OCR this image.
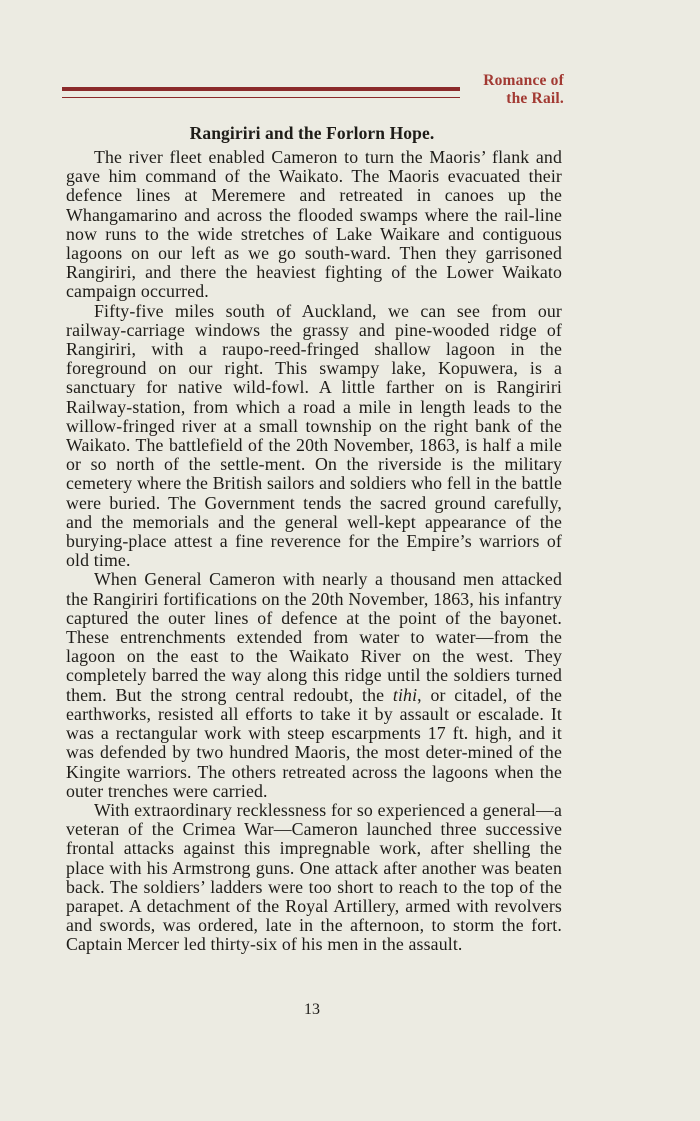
Romance of
the Rail.
Rangiriri and the Forlorn Hope.

The river fleet enabled Cameron to turn the Maoris’ flank and gave him command of the Waikato. The Maoris evacuated their defence lines at Meremere and retreated in canoes up the Whangamarino and across the flooded swamps where the rail-line now runs to the wide stretches of Lake Waikare and contiguous lagoons on our left as we go south-ward. Then they garrisoned Rangiriri, and there the heaviest fighting of the Lower Waikato campaign occurred.

Fifty-five miles south of Auckland, we can see from our railway-carriage windows the grassy and pine-wooded ridge of Rangiriri, with a raupo-reed-fringed shallow lagoon in the foreground on our right. This swampy lake, Kopuwera, is a sanctuary for native wild-fowl. A little farther on is Rangiriri Railway-station, from which a road a mile in length leads to the willow-fringed river at a small township on the right bank of the Waikato. The battlefield of the 20th November, 1863, is half a mile or so north of the settle-ment. On the riverside is the military cemetery where the British sailors and soldiers who fell in the battle were buried. The Government tends the sacred ground carefully, and the memorials and the general well-kept appearance of the burying-place attest a fine reverence for the Empire’s warriors of old time.

When General Cameron with nearly a thousand men attacked the Rangiriri fortifications on the 20th November, 1863, his infantry captured the outer lines of defence at the point of the bayonet. These entrenchments extended from water to water—from the lagoon on the east to the Waikato River on the west. They completely barred the way along this ridge until the soldiers turned them. But the strong central redoubt, the tihi, or citadel, of the earthworks, resisted all efforts to take it by assault or escalade. It was a rectangular work with steep escarpments 17 ft. high, and it was defended by two hundred Maoris, the most deter-mined of the Kingite warriors. The others retreated across the lagoons when the outer trenches were carried.

With extraordinary recklessness for so experienced a general—a veteran of the Crimea War—Cameron launched three successive frontal attacks against this impregnable work, after shelling the place with his Armstrong guns. One attack after another was beaten back. The soldiers’ ladders were too short to reach to the top of the parapet. A detachment of the Royal Artillery, armed with revolvers and swords, was ordered, late in the afternoon, to storm the fort. Captain Mercer led thirty-six of his men in the assault.

13
